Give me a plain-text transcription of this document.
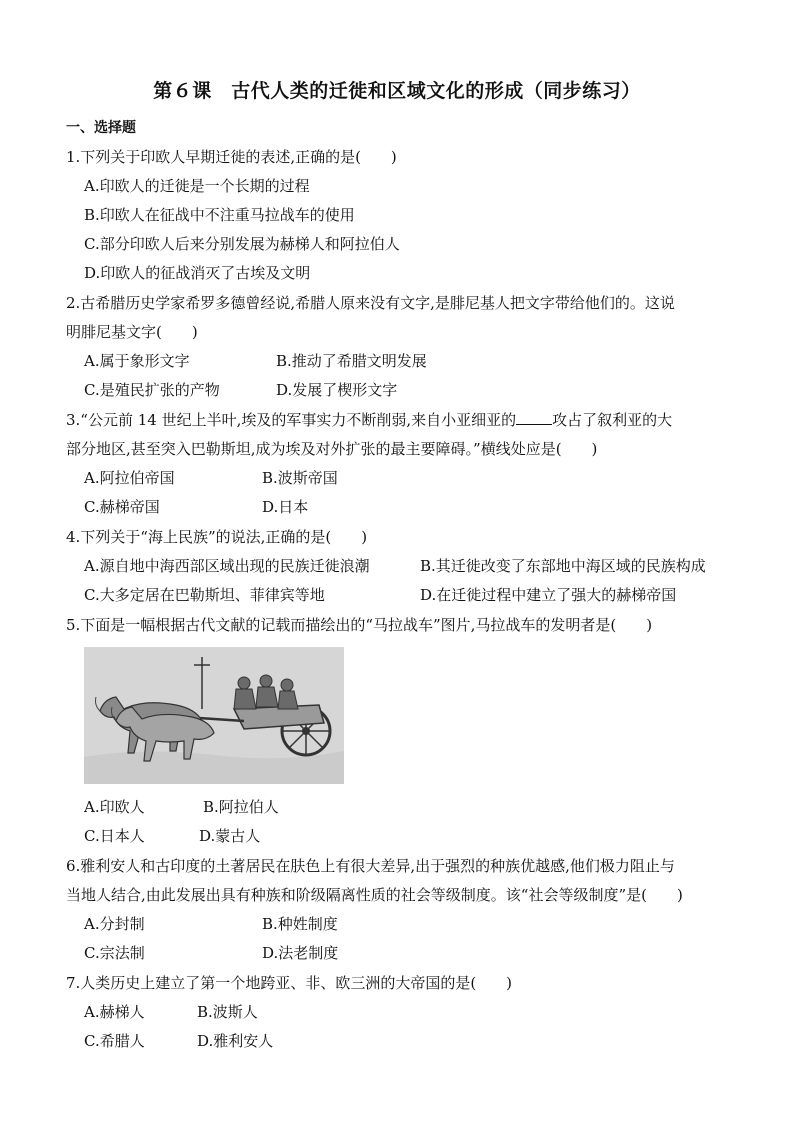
第６课　古代人类的迁徙和区域文化的形成（同步练习）
一、选择题
1.下列关于印欧人早期迁徙的表述,正确的是(　　)
A.印欧人的迁徙是一个长期的过程
B.印欧人在征战中不注重马拉战车的使用
C.部分印欧人后来分别发展为赫梯人和阿拉伯人
D.印欧人的征战消灭了古埃及文明
2.古希腊历史学家希罗多德曾经说,希腊人原来没有文字,是腓尼基人把文字带给他们的。这说
明腓尼基文字(　　)
A.属于象形文字	B.推动了希腊文明发展
C.是殖民扩张的产物	D.发展了楔形文字
3.“公元前 14 世纪上半叶,埃及的军事实力不断削弱,来自小亚细亚的 攻占了叙利亚的大
部分地区,甚至突入巴勒斯坦,成为埃及对外扩张的最主要障碍。”横线处应是(　　)
A.阿拉伯帝国	B.波斯帝国
C.赫梯帝国	D.日本
4.下列关于“海上民族”的说法,正确的是(　　)
A.源自地中海西部区域出现的民族迁徙浪潮	B.其迁徙改变了东部地中海区域的民族构成
C.大多定居在巴勒斯坦、菲律宾等地	D.在迁徙过程中建立了强大的赫梯帝国
5.下面是一幅根据古代文献的记载而描绘出的“马拉战车”图片,马拉战车的发明者是(　　)
A.印欧人	B.阿拉伯人
C.日本人	D.蒙古人
6.雅利安人和古印度的土著居民在肤色上有很大差异,出于强烈的种族优越感,他们极力阻止与
当地人结合,由此发展出具有种族和阶级隔离性质的社会等级制度。该“社会等级制度”是(　　)
A.分封制	B.种姓制度
C.宗法制	D.法老制度
7.人类历史上建立了第一个地跨亚、非、欧三洲的大帝国的是(　　)
A.赫梯人	B.波斯人
C.希腊人	D.雅利安人
